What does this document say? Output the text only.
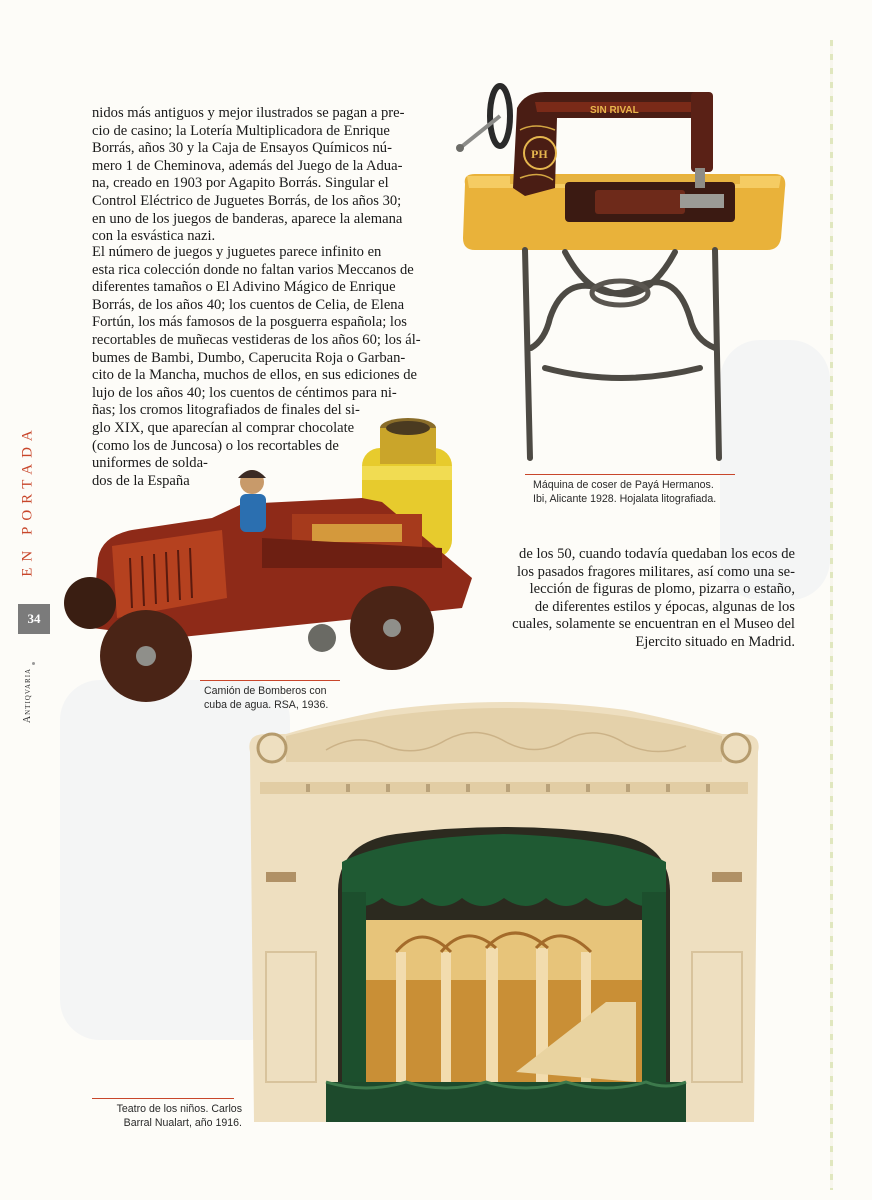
EN PORTADA
34
Antiqvaria

nidos más antiguos y mejor ilustrados se pagan a pre-
cio de casino; la Lotería Multiplicadora de Enrique
Borrás, años 30 y la Caja de Ensayos Químicos nú-
mero 1 de Cheminova, además del Juego de la Adua-
na, creado en 1903 por Agapito Borrás. Singular el
Control Eléctrico de Juguetes Borrás, de los años 30;
en uno de los juegos de banderas, aparece la alemana
con la esvástica nazi.

El número de juegos y juguetes parece infinito en
esta rica colección donde no faltan varios Meccanos de
diferentes tamaños o El Adivino Mágico de Enrique
Borrás, de los años 40; los cuentos de Celia, de Elena
Fortún, los más famosos de la posguerra española; los
recortables de muñecas vestideras de los años 60; los ál-
bumes de Bambi, Dumbo, Caperucita Roja o Garban-
cito de la Mancha, muchos de ellos, en sus ediciones de
lujo de los años 40; los cuentos de céntimos para ni-
ñas; los cromos litografiados de finales del si-
glo XIX, que aparecían al comprar chocolate
(como los de Juncosa) o los recortables de
uniformes de solda-
dos de la España

de los 50, cuando todavía quedaban los ecos de
los pasados fragores militares, así como una se-
lección de figuras de plomo, pizarra o estaño,
de diferentes estilos y épocas, algunas de los
cuales, solamente se encuentran en el Museo del
Ejercito situado en Madrid.

SIN RIVAL
PH
Máquina de coser de Payá Hermanos.
Ibi, Alicante 1928. Hojalata litografiada.
Camión de Bomberos con
cuba de agua. RSA, 1936.
Teatro de los niños. Carlos
Barral Nualart, año 1916.
